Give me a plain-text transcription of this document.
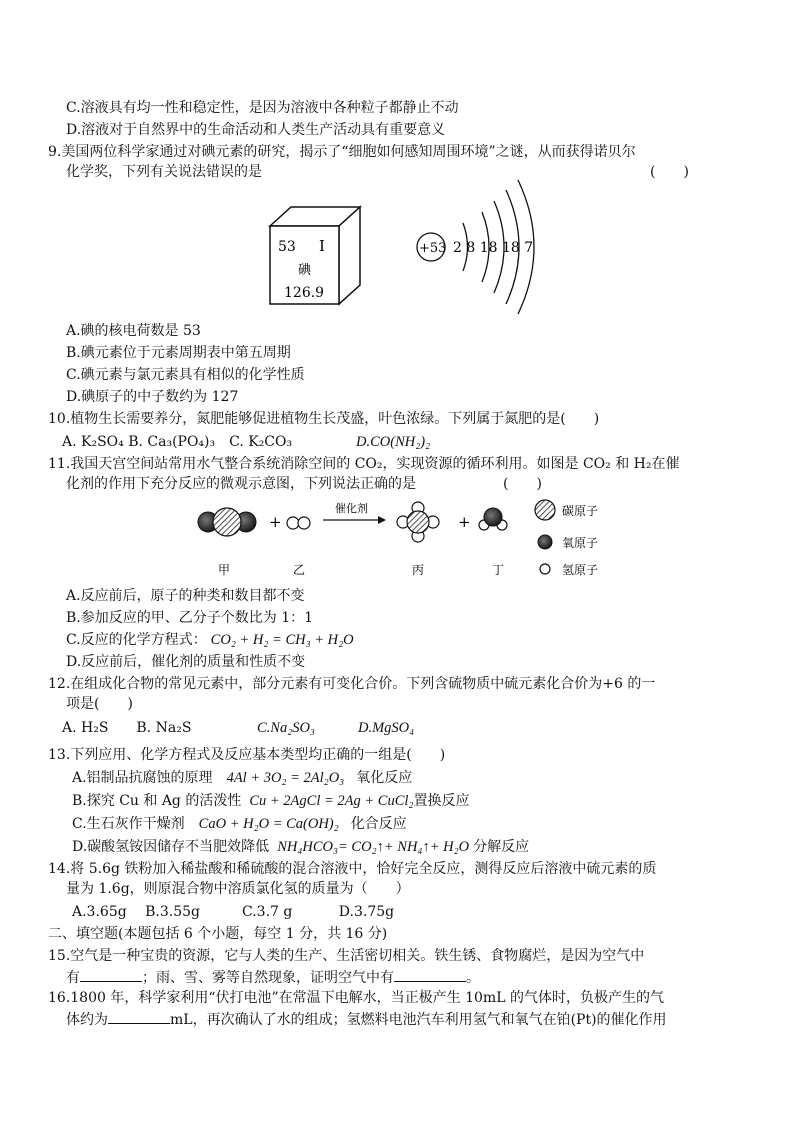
C.溶液具有均一性和稳定性，是因为溶液中各种粒子都静止不动
D.溶液对于自然界中的生命活动和人类生产活动具有重要意义
9.美国两位科学家通过对碘元素的研究，揭示了“细胞如何感知周围环境”之谜，从而获得诺贝尔
化学奖，下列有关说法错误的是	(　　)
53 I
碘
126.9
+53 2 8 18 18 7
A.碘的核电荷数是 53
B.碘元素位于元素周期表中第五周期
C.碘元素与氯元素具有相似的化学性质
D.碘原子的中子数约为 127
10.植物生长需要养分，氮肥能够促进植物生长茂盛，叶色浓绿。下列属于氮肥的是(　　)
A. K₂SO₄ B. Ca₃(PO₄)₃　C. K₂CO₃	D.CO(NH₂)₂
11.我国天宫空间站常用水气整合系统消除空间的 CO₂，实现资源的循环利用。如图是 CO₂ 和 H₂在催
化剂的作用下充分反应的微观示意图，下列说法正确的是	(　　)
+
催化剂
+
碳原子
氧原子
氢原子
甲	乙	丙	丁
A.反应前后，原子的种类和数目都不变
B.参加反应的甲、乙分子个数比为 1：1
C.反应的化学方程式： CO₂ + H₂ = CH₃ + H₂O
D.反应前后，催化剂的质量和性质不变
12.在组成化合物的常见元素中，部分元素有可变化合价。下列含硫物质中硫元素化合价为+6 的一
项是(　　)
A. H₂S　　B. Na₂S	C.Na₂SO₃	D.MgSO₄
13.下列应用、化学方程式及反应基本类型均正确的一组是(　　)
A.铝制品抗腐蚀的原理 4Al + 3O₂ = 2Al₂O₃ 氧化反应
B.探究 Cu 和 Ag 的活泼性 Cu + 2AgCl = 2Ag + CuCl₂置换反应
C.生石灰作干燥剂 CaO + H₂O = Ca(OH)₂ 化合反应
D.碳酸氢铵因储存不当肥效降低 NH₄HCO₃= CO₂↑+ NH₄↑+ H₂O 分解反应
14.将 5.6g 铁粉加入稀盐酸和稀硫酸的混合溶液中，恰好完全反应，测得反应后溶液中硫元素的质
量为 1.6g，则原混合物中溶质氯化氢的质量为（　　）
A.3.65g　 B.3.55g　　　C.3.7 g　　　 D.3.75g
二、填空题(本题包括 6 个小题，每空 1 分，共 16 分)
15.空气是一种宝贵的资源，它与人类的生产、生活密切相关。铁生锈、食物腐烂，是因为空气中
有	；雨、雪、雾等自然现象，证明空气中有	。
16.1800 年，科学家利用“伏打电池”在常温下电解水，当正极产生 10mL 的气体时，负极产生的气
体约为	mL，再次确认了水的组成；氢燃料电池汽车利用氢气和氧气在铂(Pt)的催化作用
